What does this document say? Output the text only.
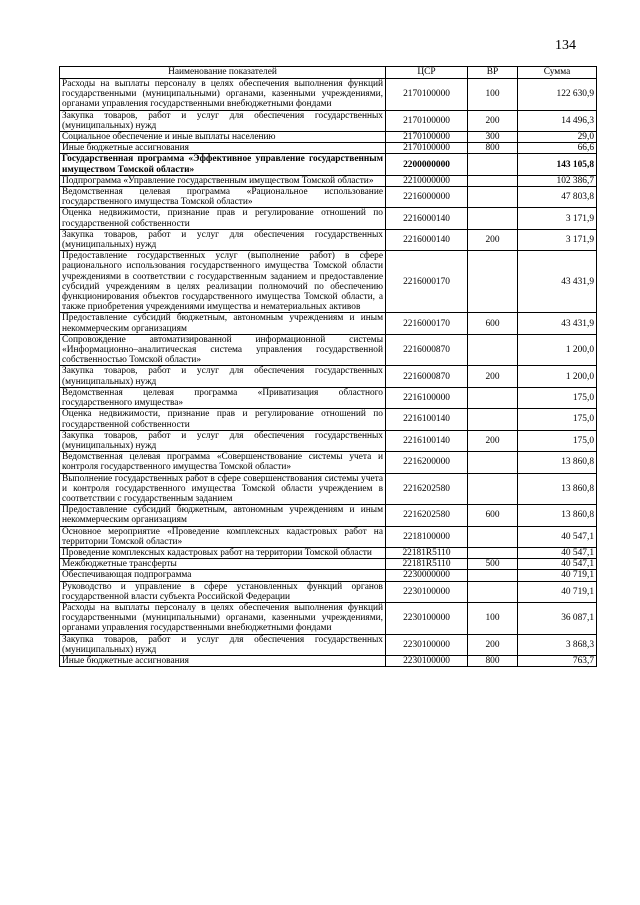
134
Наименование показателей	ЦСР	ВР	Сумма
Расходы на выплаты персоналу в целях обеспечения выполнения функций государственными (муниципальными) органами, казенными учреждениями, органами управления государственными внебюджетными фондами	2170100000	100	122 630,9
Закупка товаров, работ и услуг для обеспечения государственных (муниципальных) нужд	2170100000	200	14 496,3
Социальное обеспечение и иные выплаты населению	2170100000	300	29,0
Иные бюджетные ассигнования	2170100000	800	66,6
Государственная программа «Эффективное управление государственным имуществом Томской области»	2200000000		143 105,8
Подпрограмма «Управление государственным имуществом Томской области»	2210000000		102 386,7
Ведомственная целевая программа «Рациональное использование государственного имущества Томской области»	2216000000		47 803,8
Оценка недвижимости, признание прав и регулирование отношений по государственной собственности	2216000140		3 171,9
Закупка товаров, работ и услуг для обеспечения государственных (муниципальных) нужд	2216000140	200	3 171,9
Предоставление государственных услуг (выполнение работ) в сфере рационального использования государственного имущества Томской области учреждениями в соответствии с государственным заданием и предоставление субсидий учреждениям в целях реализации полномочий по обеспечению функционирования объектов государственного имущества Томской области, а также приобретения учреждениями имущества и нематериальных активов	2216000170		43 431,9
Предоставление субсидий бюджетным, автономным учреждениям и иным некоммерческим организациям	2216000170	600	43 431,9
Сопровождение автоматизированной информационной системы «Информационно–аналитическая система управления государственной собственностью Томской области»	2216000870		1 200,0
Закупка товаров, работ и услуг для обеспечения государственных (муниципальных) нужд	2216000870	200	1 200,0
Ведомственная целевая программа «Приватизация областного государственного имущества»	2216100000		175,0
Оценка недвижимости, признание прав и регулирование отношений по государственной собственности	2216100140		175,0
Закупка товаров, работ и услуг для обеспечения государственных (муниципальных) нужд	2216100140	200	175,0
Ведомственная целевая программа «Совершенствование системы учета и контроля государственного имущества Томской области»	2216200000		13 860,8
Выполнение государственных работ в сфере совершенствования системы учета и контроля государственного имущества Томской области учреждением в соответствии с государственным заданием	2216202580		13 860,8
Предоставление субсидий бюджетным, автономным учреждениям и иным некоммерческим организациям	2216202580	600	13 860,8
Основное мероприятие «Проведение комплексных кадастровых работ на территории Томской области»	2218100000		40 547,1
Проведение комплексных кадастровых работ на территории Томской области	22181R5110		40 547,1
Межбюджетные трансферты	22181R5110	500	40 547,1
Обеспечивающая подпрограмма	2230000000		40 719,1
Руководство и управление в сфере установленных функций органов государственной власти субъекта Российской Федерации	2230100000		40 719,1
Расходы на выплаты персоналу в целях обеспечения выполнения функций государственными (муниципальными) органами, казенными учреждениями, органами управления государственными внебюджетными фондами	2230100000	100	36 087,1
Закупка товаров, работ и услуг для обеспечения государственных (муниципальных) нужд	2230100000	200	3 868,3
Иные бюджетные ассигнования	2230100000	800	763,7
